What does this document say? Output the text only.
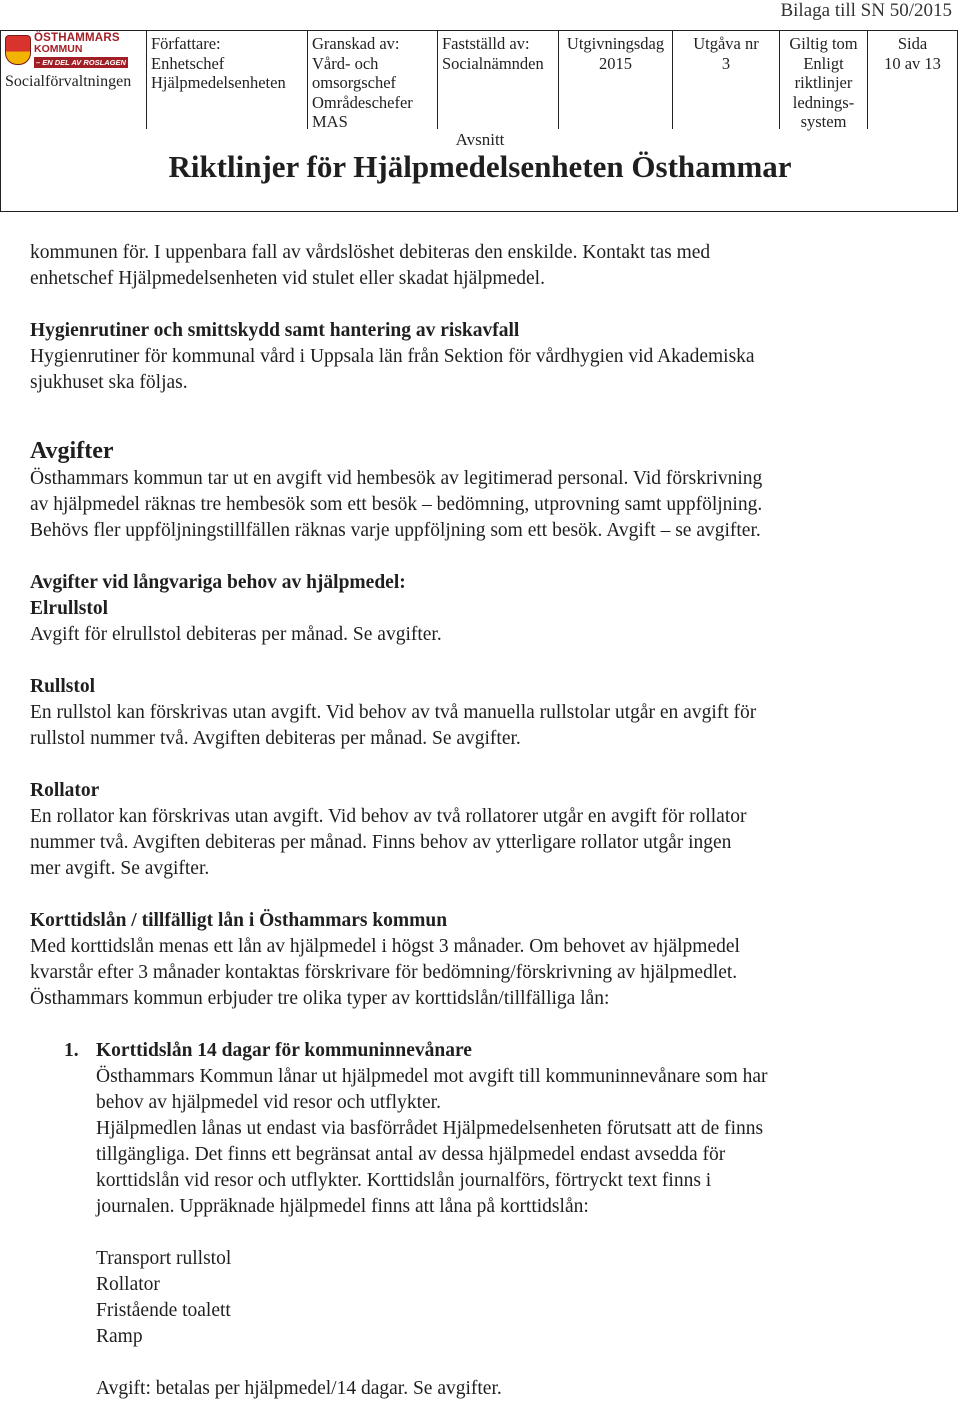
Bilaga till SN 50/2015
ÖSTHAMMARS
KOMMUN
– EN DEL AV ROSLAGEN
Socialförvaltningen
Författare:
Enhetschef
Hjälpmedelsenheten
Granskad av:
Vård- och
omsorgschef
Områdeschefer
MAS
Fastställd av:
Socialnämnden
Utgivningsdag
2015
Utgåva nr
3
Giltig tom
Enligt
riktlinjer
lednings-
system
Sida
10 av 13
Avsnitt
Riktlinjer för Hjälpmedelsenheten Östhammar

kommunen för. I uppenbara fall av vårdslöshet debiteras den enskilde. Kontakt tas med

enhetschef Hjälpmedelsenheten vid stulet eller skadat hjälpmedel.

Hygienrutiner och smittskydd samt hantering av riskavfall

Hygienrutiner för kommunal vård i Uppsala län från Sektion för vårdhygien vid Akademiska

sjukhuset ska följas.

Avgifter

Östhammars kommun tar ut en avgift vid hembesök av legitimerad personal. Vid förskrivning

av hjälpmedel räknas tre hembesök som ett besök – bedömning, utprovning samt uppföljning.

Behövs fler uppföljningstillfällen räknas varje uppföljning som ett besök. Avgift – se avgifter.

Avgifter vid långvariga behov av hjälpmedel:

Elrullstol

Avgift för elrullstol debiteras per månad. Se avgifter.

Rullstol

En rullstol kan förskrivas utan avgift. Vid behov av två manuella rullstolar utgår en avgift för

rullstol nummer två. Avgiften debiteras per månad. Se avgifter.

Rollator

En rollator kan förskrivas utan avgift. Vid behov av två rollatorer utgår en avgift för rollator

nummer två. Avgiften debiteras per månad. Finns behov av ytterligare rollator utgår ingen

mer avgift. Se avgifter.

Korttidslån / tillfälligt lån i Östhammars kommun

Med korttidslån menas ett lån av hjälpmedel i högst 3 månader. Om behovet av hjälpmedel

kvarstår efter 3 månader kontaktas förskrivare för bedömning/förskrivning av hjälpmedlet.

Östhammars kommun erbjuder tre olika typer av korttidslån/tillfälliga lån:

1. Korttidslån 14 dagar för kommuninnevånare

Östhammars Kommun lånar ut hjälpmedel mot avgift till kommuninnevånare som har

behov av hjälpmedel vid resor och utflykter.

Hjälpmedlen lånas ut endast via basförrådet Hjälpmedelsenheten förutsatt att de finns

tillgängliga. Det finns ett begränsat antal av dessa hjälpmedel endast avsedda för

korttidslån vid resor och utflykter. Korttidslån journalförs, förtryckt text finns i

journalen. Uppräknade hjälpmedel finns att låna på korttidslån:

Transport rullstol

Rollator

Fristående toalett

Ramp

Avgift: betalas per hjälpmedel/14 dagar. Se avgifter.
